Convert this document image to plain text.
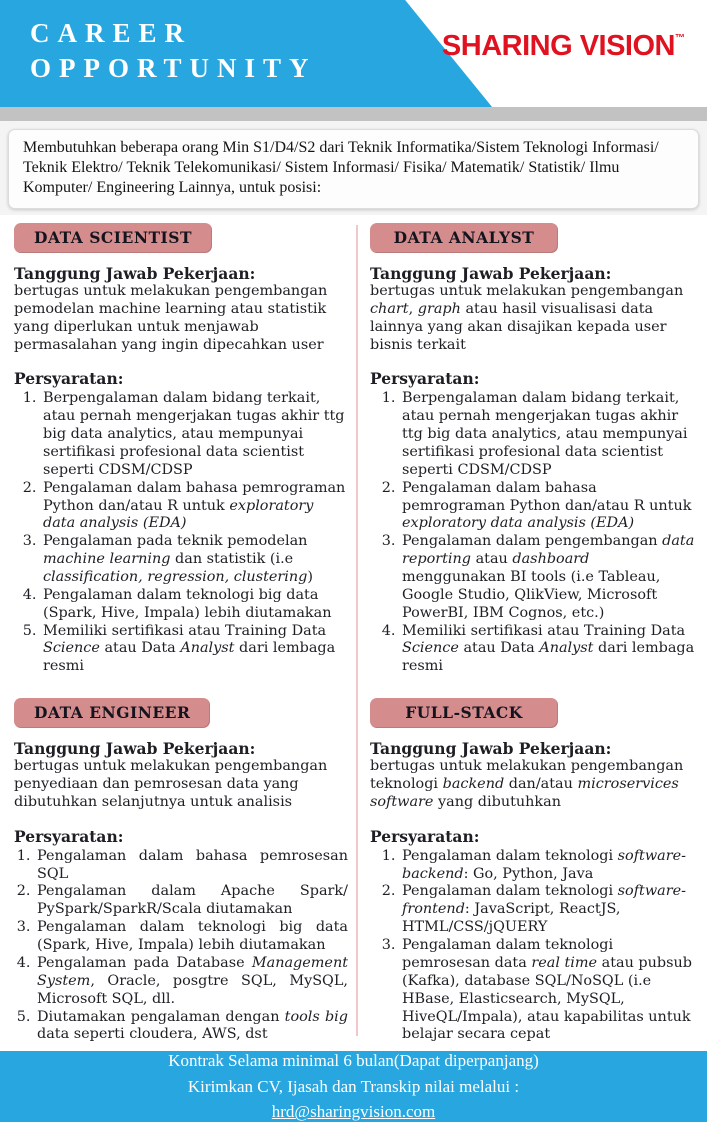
CAREER
OPPORTUNITY
SHARING VISION™
Membutuhkan beberapa orang Min S1/D4/S2 dari Teknik Informatika/Sistem Teknologi Informasi/ Teknik Elektro/ Teknik Telekomunikasi/ Sistem Informasi/ Fisika/ Matematik/ Statistik/ Ilmu Komputer/ Engineering Lainnya, untuk posisi:
DATA SCIENTIST
Tanggung Jawab Pekerjaan:

bertugas untuk melakukan pengembangan pemodelan machine learning atau statistik yang diperlukan untuk menjawab permasalahan yang ingin dipecahkan user

Persyaratan:
1. Berpengalaman dalam bidang terkait, atau pernah mengerjakan tugas akhir ttg big data analytics, atau mempunyai sertifikasi profesional data scientist seperti CDSM/CDSP
2. Pengalaman dalam bahasa pemrograman Python dan/atau R untuk exploratory data analysis (EDA)
3. Pengalaman pada teknik pemodelan machine learning dan statistik (i.e classification, regression, clustering)
4. Pengalaman dalam teknologi big data (Spark, Hive, Impala) lebih diutamakan
5. Memiliki sertifikasi atau Training Data Science atau Data Analyst dari lembaga resmi
DATA ENGINEER
Tanggung Jawab Pekerjaan:

bertugas untuk melakukan pengembangan penyediaan dan pemrosesan data yang dibutuhkan selanjutnya untuk analisis

Persyaratan:
1. Pengalaman dalam bahasa pemrosesan SQL
2. Pengalaman dalam Apache Spark/ PySpark/SparkR/Scala diutamakan
3. Pengalaman dalam teknologi big data (Spark, Hive, Impala) lebih diutamakan
4. Pengalaman pada Database Management System, Oracle, posgtre SQL, MySQL, Microsoft SQL, dll.
5. Diutamakan pengalaman dengan tools big data seperti cloudera, AWS, dst
DATA ANALYST
Tanggung Jawab Pekerjaan:

bertugas untuk melakukan pengembangan chart, graph atau hasil visualisasi data lainnya yang akan disajikan kepada user bisnis terkait

Persyaratan:
1. Berpengalaman dalam bidang terkait, atau pernah mengerjakan tugas akhir ttg big data analytics, atau mempunyai sertifikasi profesional data scientist seperti CDSM/CDSP
2. Pengalaman dalam bahasa pemrograman Python dan/atau R untuk exploratory data analysis (EDA)
3. Pengalaman dalam pengembangan data reporting atau dashboard menggunakan BI tools (i.e Tableau, Google Studio, QlikView, Microsoft PowerBI, IBM Cognos, etc.)
4. Memiliki sertifikasi atau Training Data Science atau Data Analyst dari lembaga resmi
FULL-STACK
Tanggung Jawab Pekerjaan:

bertugas untuk melakukan pengembangan teknologi backend dan/atau microservices software yang dibutuhkan

Persyaratan:
1. Pengalaman dalam teknologi software-backend: Go, Python, Java
2. Pengalaman dalam teknologi software-frontend: JavaScript, ReactJS, HTML/CSS/jQUERY
3. Pengalaman dalam teknologi pemrosesan data real time atau pubsub (Kafka), database SQL/NoSQL (i.e HBase, Elasticsearch, MySQL, HiveQL/Impala), atau kapabilitas untuk belajar secara cepat
Kontrak Selama minimal 6 bulan(Dapat diperpanjang)
Kirimkan CV, Ijasah dan Transkip nilai melalui :
hrd@sharingvision.com
